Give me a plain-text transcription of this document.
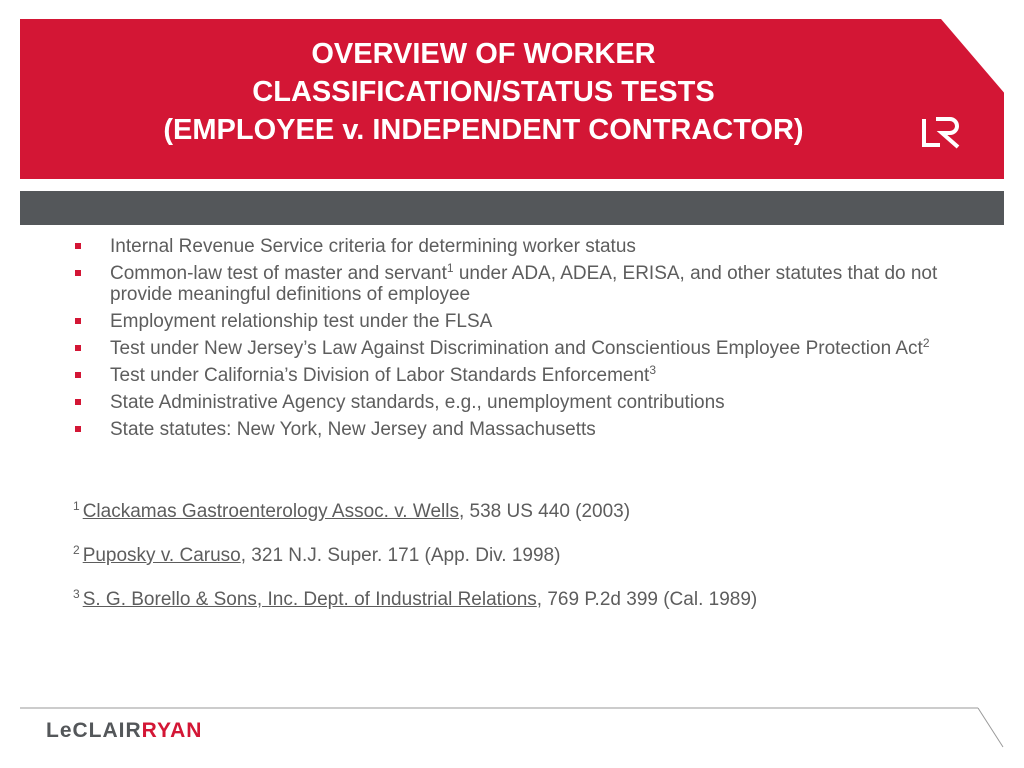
OVERVIEW OF WORKER
CLASSIFICATION/STATUS TESTS
(EMPLOYEE v. INDEPENDENT CONTRACTOR)
Internal Revenue Service criteria for determining worker status
Common-law test of master and servant$^1$ under ADA, ADEA, ERISA, and other statutes that do not provide meaningful definitions of employee
Employment relationship test under the FLSA
Test under New Jersey’s Law Against Discrimination and Conscientious Employee Protection Act$^2$
Test under California’s Division of Labor Standards Enforcement$^3$
State Administrative Agency standards, e.g., unemployment contributions
State statutes: New York, New Jersey and Massachusetts

$^1$ Clackamas Gastroenterology Assoc. v. Wells, 538 US 440 (2003)

$^2$ Puposky v. Caruso, 321 N.J. Super. 171 (App. Div. 1998)

$^3$ S. G. Borello & Sons, Inc. Dept. of Industrial Relations, 769 P.2d 399 (Cal. 1989)

LeCLAIRRYAN
